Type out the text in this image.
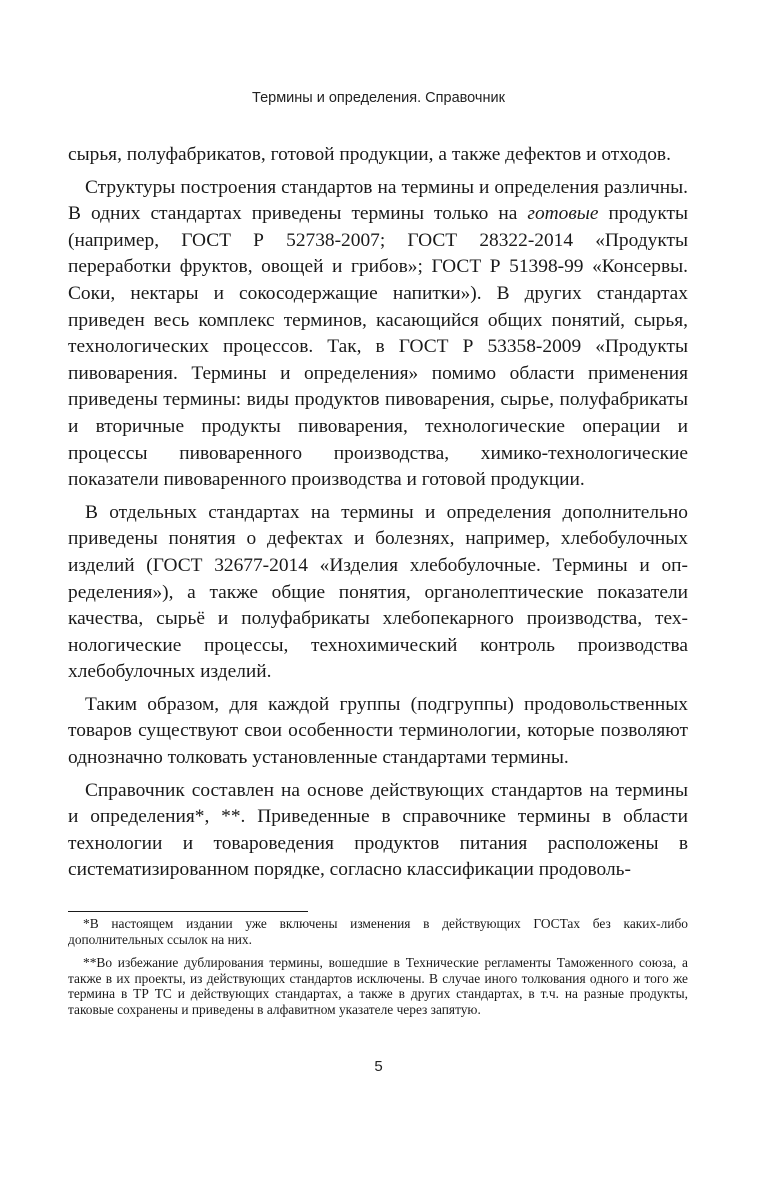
Термины и определения. Справочник

сырья, полуфабрикатов, готовой продукции, а также дефектов и отходов.

Структуры построения стандартов на термины и определения различны. В одних стандартах приведены термины только на готовые продукты (например, ГОСТ Р 52738-2007; ГОСТ 28322-2014 «Продукты переработки фруктов, овощей и грибов»; ГОСТ Р 51398-99 «Консервы. Соки, нектары и сокосодержащие напитки»). В других стандартах приведен весь комплекс терминов, касающийся общих понятий, сырья, технологических процессов. Так, в ГОСТ Р 53358-2009 «Продукты пивоварения. Термины и определения» помимо области применения приведены термины: виды продуктов пивоварения, сырье, полуфабрикаты и вторичные продукты пивоварения, технологические операции и процессы пивоваренного производства, химико-технологические показатели пивоваренного производства и готовой продукции.

В отдельных стандартах на термины и определения дополнительно приведены понятия о дефектах и болезнях, например, хлебобулочных изделий (ГОСТ 32677-2014 «Изделия хлебобулочные. Термины и определения»), а также общие понятия, органолептические показатели качества, сырьё и полуфабрикаты хлебопекарного производства, технологические процессы, технохимический контроль производства хлебобулочных изделий.

Таким образом, для каждой группы (подгруппы) продовольственных товаров существуют свои особенности терминологии, которые позволяют однозначно толковать установленные стандартами термины.

Справочник составлен на основе действующих стандартов на термины и определения*, **. Приведенные в справочнике термины в области технологии и товароведения продуктов питания расположены в систематизированном порядке, согласно классификации продоволь-

*В настоящем издании уже включены изменения в действующих ГОСТах без каких-либо дополнительных ссылок на них.

**Во избежание дублирования термины, вошедшие в Технические регламенты Таможенного союза, а также в их проекты, из действующих стандартов исключены. В случае иного толкования одного и того же термина в ТР ТС и действующих стандартах, а также в других стандартах, в т.ч. на разные продукты, таковые сохранены и приведены в алфавитном указателе через запятую.

5
